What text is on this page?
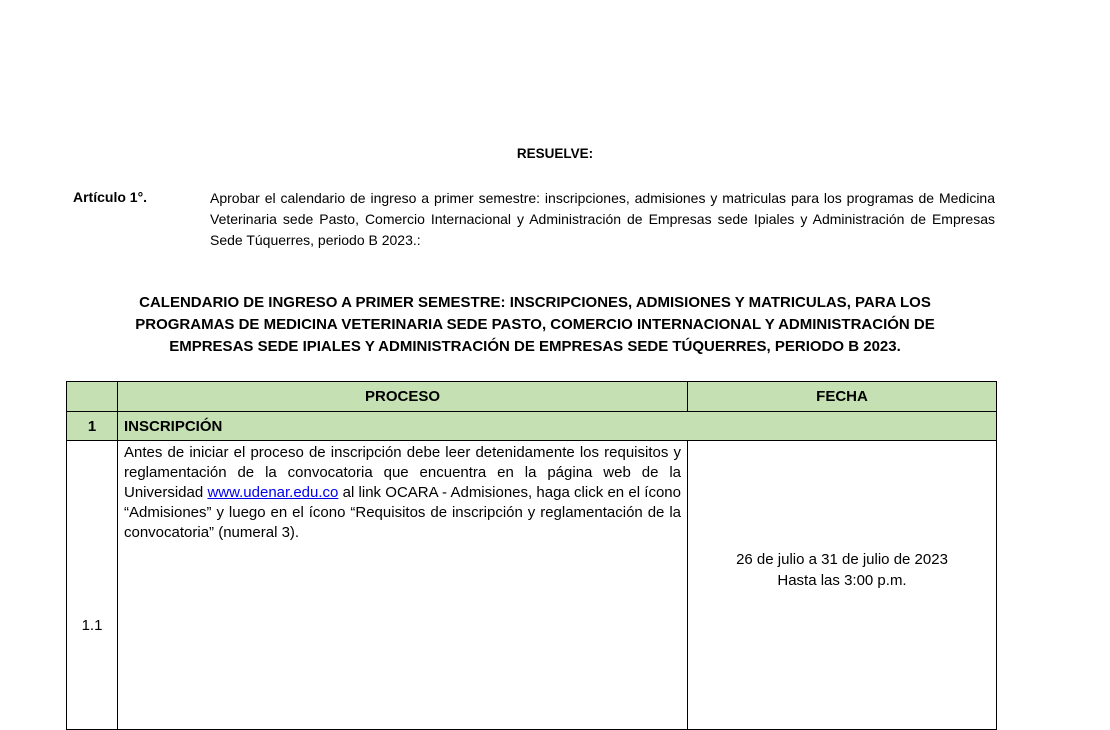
RESUELVE:
Artículo 1°.	Aprobar el calendario de ingreso a primer semestre: inscripciones, admisiones y matriculas para los programas de Medicina Veterinaria sede Pasto, Comercio Internacional y Administración de Empresas sede Ipiales y Administración de Empresas Sede Túquerres, periodo B 2023.:
CALENDARIO DE INGRESO A PRIMER SEMESTRE: INSCRIPCIONES, ADMISIONES Y MATRICULAS, PARA LOS PROGRAMAS DE MEDICINA VETERINARIA SEDE PASTO, COMERCIO INTERNACIONAL Y ADMINISTRACIÓN DE EMPRESAS SEDE IPIALES Y ADMINISTRACIÓN DE EMPRESAS SEDE TÚQUERRES, PERIODO B 2023.
	PROCESO	FECHA
1	INSCRIPCIÓN	
1.1	Antes de iniciar el proceso de inscripción debe leer detenidamente los requisitos y reglamentación de la convocatoria que encuentra en la página web de la Universidad www.udenar.edu.co al link OCARA - Admisiones, haga click en el ícono “Admisiones” y luego en el ícono “Requisitos de inscripción y reglamentación de la convocatoria” (numeral 3).	26 de julio a 31 de julio de 2023
Hasta las 3:00 p.m.
